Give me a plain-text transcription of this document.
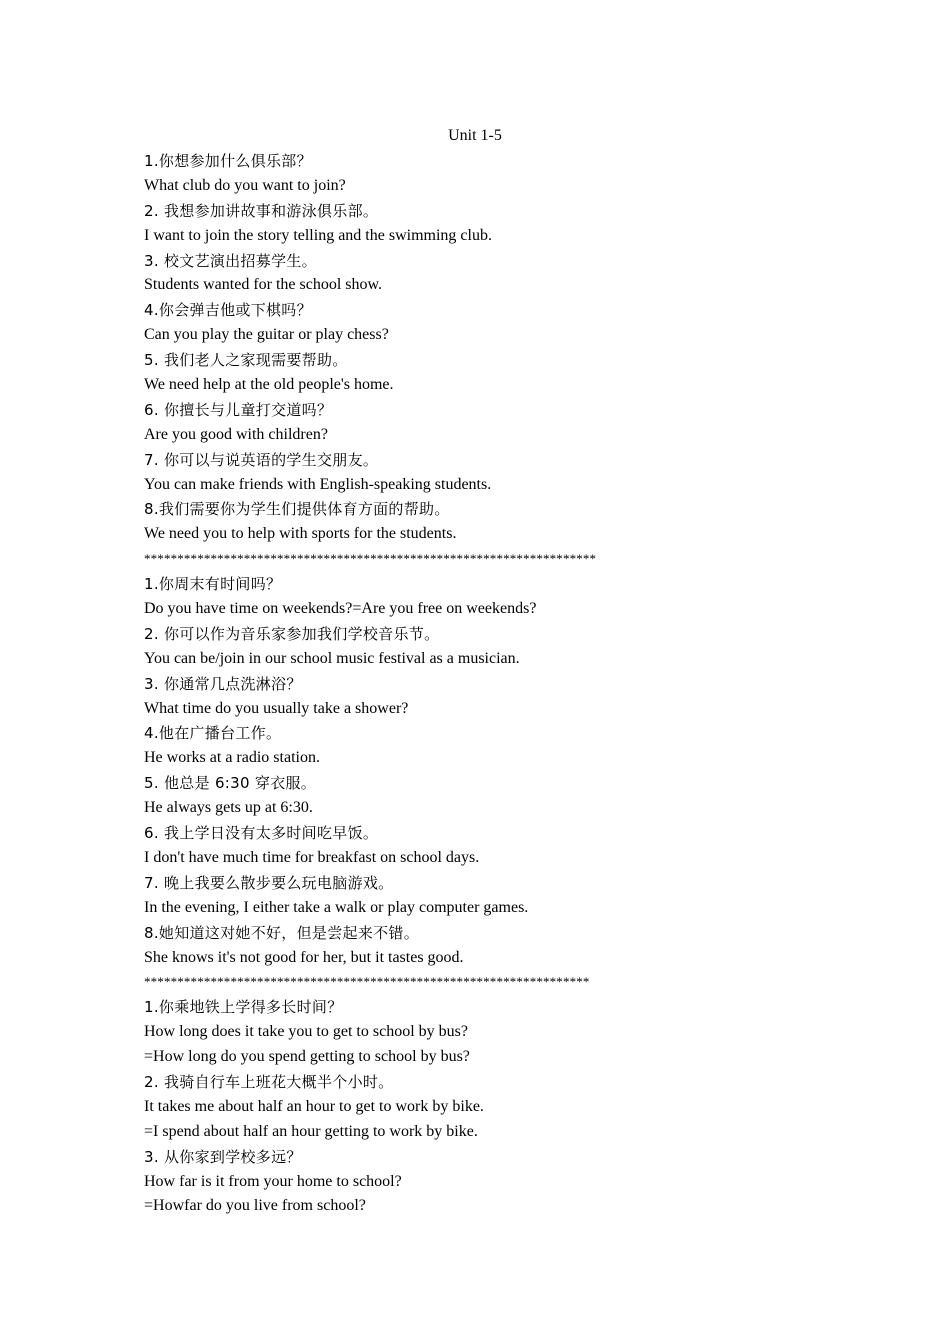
Unit 1-5
1.你想参加什么俱乐部？
What club do you want to join?
2. 我想参加讲故事和游泳俱乐部。
I want to join the story telling and the swimming club.
3. 校文艺演出招募学生。
Students wanted for the school show.
4.你会弹吉他或下棋吗？
Can you play the guitar or play chess?
5. 我们老人之家现需要帮助。
We need help at the old people's home.
6. 你擅长与儿童打交道吗？
Are you good with children?
7. 你可以与说英语的学生交朋友。
You can make friends with English-speaking students.
8.我们需要你为学生们提供体育方面的帮助。
We need you to help with sports for the students.
********************************************************************
1.你周末有时间吗？
Do you have time on weekends?=Are you free on weekends?
2. 你可以作为音乐家参加我们学校音乐节。
You can be/join in our school music festival as a musician.
3. 你通常几点洗淋浴？
What time do you usually take a shower?
4.他在广播台工作。
He works at a radio station.
5. 他总是 6:30 穿衣服。
He always gets up at 6:30.
6. 我上学日没有太多时间吃早饭。
I don't have much time for breakfast on school days.
7. 晚上我要么散步要么玩电脑游戏。
In the evening, I either take a walk or play computer games.
8.她知道这对她不好，但是尝起来不错。
She knows it's not good for her, but it tastes good.
*******************************************************************
1.你乘地铁上学得多长时间？
How long does it take you to get to school by bus?
=How long do you spend getting to school by bus?
2. 我骑自行车上班花大概半个小时。
It takes me about half an hour to get to work by bike.
=I spend about half an hour getting to work by bike.
3. 从你家到学校多远？
How far is it from your home to school?
=Howfar do you live from school?
